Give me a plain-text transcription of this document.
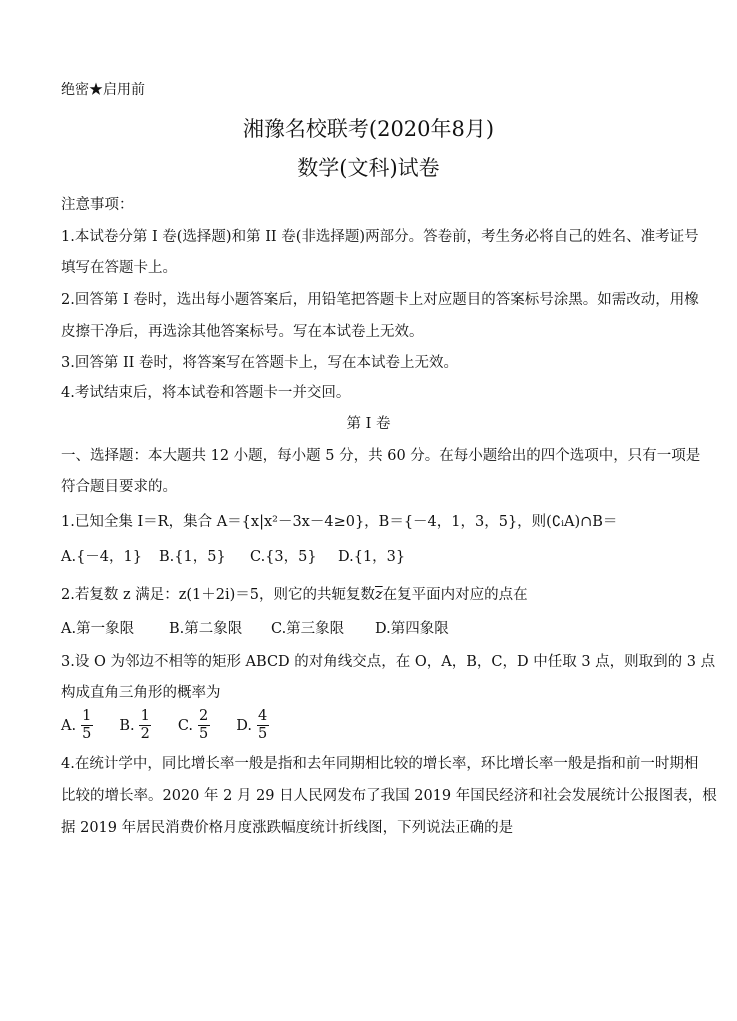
绝密★启用前
湘豫名校联考(2020年8月)
数学(文科)试卷
注意事项：
1.本试卷分第 I 卷(选择题)和第 II 卷(非选择题)两部分。答卷前，考生务必将自己的姓名、准考证号
填写在答题卡上。
2.回答第 I 卷时，选出每小题答案后，用铅笔把答题卡上对应题目的答案标号涂黑。如需改动，用橡
皮擦干净后，再选涂其他答案标号。写在本试卷上无效。
3.回答第 II 卷时，将答案写在答题卡上，写在本试卷上无效。
4.考试结束后，将本试卷和答题卡一并交回。
第 I 卷
一、选择题：本大题共 12 小题，每小题 5 分，共 60 分。在每小题给出的四个选项中，只有一项是
符合题目要求的。
1.已知全集 I＝R，集合 A＝{x|x²－3x－4≥0}，B＝{－4，1，3，5}，则(∁ᵢA)∩B＝
A.{－4，1}	B.{1，5}	C.{3，5}	D.{1，3}
2.若复数 z 满足：z(1＋2i)＝5，则它的共轭复数$\overline{z}$在复平面内对应的点在
A.第一象限	B.第二象限	C.第三象限	D.第四象限
3.设 O 为邻边不相等的矩形 ABCD 的对角线交点，在 O，A，B，C，D 中任取 3 点，则取到的 3 点
构成直角三角形的概率为
A. $\frac{1}{5} B$. $\frac{1}{2} C$. $\frac{2}{5} D$. $\frac{4}{5}$
4.在统计学中，同比增长率一般是指和去年同期相比较的增长率，环比增长率一般是指和前一时期相
比较的增长率。2020 年 2 月 29 日人民网发布了我国 2019 年国民经济和社会发展统计公报图表，根
据 2019 年居民消费价格月度涨跌幅度统计折线图，下列说法正确的是
